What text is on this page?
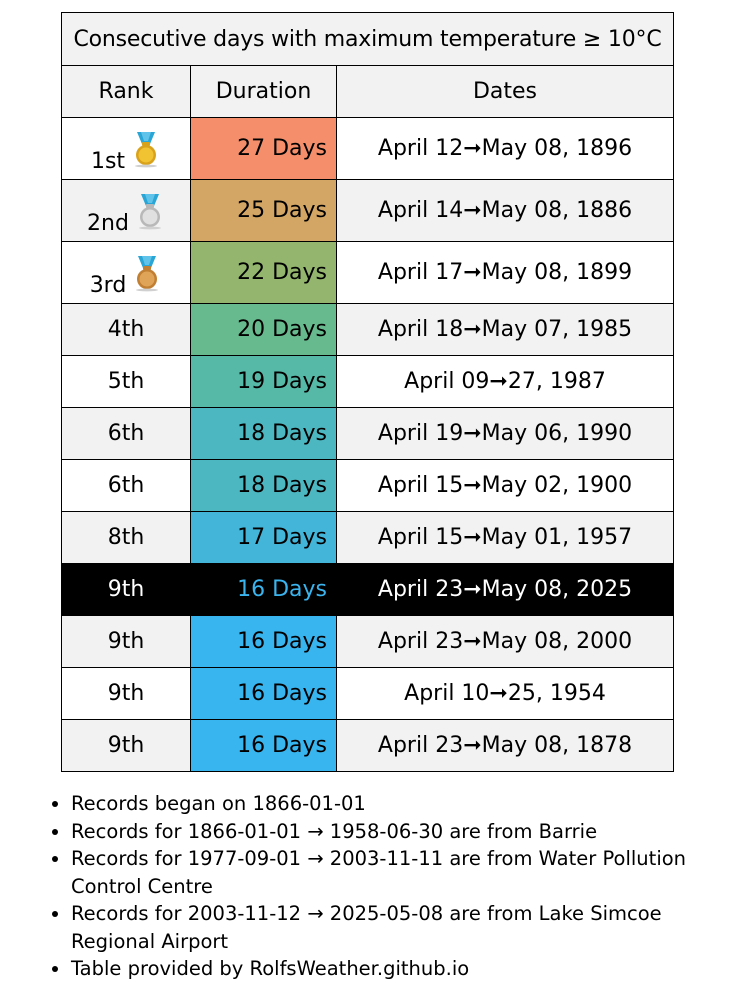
Consecutive days with maximum temperature ≥ 10°C		
Rank	Duration	Dates

1st	27 Days	April 12➞May 08, 1896

2nd	25 Days	April 14➞May 08, 1886

3rd	22 Days	April 17➞May 08, 1899
4th	20 Days	April 18➞May 07, 1985
5th	19 Days	April 09➞27, 1987
6th	18 Days	April 19➞May 06, 1990
6th	18 Days	April 15➞May 02, 1900
8th	17 Days	April 15➞May 01, 1957
9th	16 Days	April 23➞May 08, 2025
9th	16 Days	April 23➞May 08, 2000
9th	16 Days	April 10➞25, 1954
9th	16 Days	April 23➞May 08, 1878
• Records began on 1866-01-01
• Records for 1866-01-01 → 1958-06-30 are from Barrie
• Records for 1977-09-01 → 2003-11-11 are from Water Pollution Control Centre
• Records for 2003-11-12 → 2025-05-08 are from Lake Simcoe Regional Airport
• Table provided by RolfsWeather.github.io
